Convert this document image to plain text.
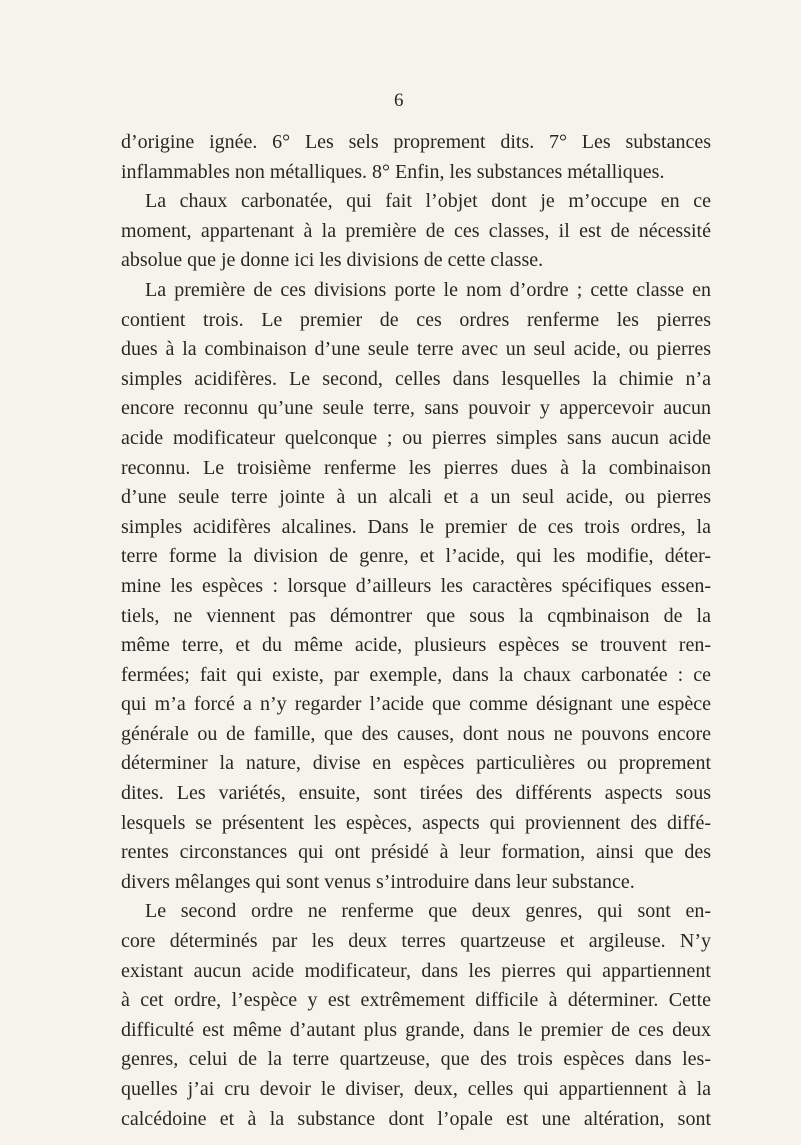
6
d’origine ignée. 6° Les sels proprement dits. 7° Les substances
inflammables non métalliques. 8° Enfin, les substances métalliques.
La chaux carbonatée, qui fait l’objet dont je m’occupe en ce
moment, appartenant à la première de ces classes, il est de nécessité
absolue que je donne ici les divisions de cette classe.
La première de ces divisions porte le nom d’ordre ; cette classe en
contient trois. Le premier de ces ordres renferme les pierres
dues à la combinaison d’une seule terre avec un seul acide, ou pierres
simples acidifères. Le second, celles dans lesquelles la chimie n’a
encore reconnu qu’une seule terre, sans pouvoir y appercevoir aucun
acide modificateur quelconque ; ou pierres simples sans aucun acide
reconnu. Le troisième renferme les pierres dues à la combinaison
d’une seule terre jointe à un alcali et a un seul acide, ou pierres
simples acidifères alcalines. Dans le premier de ces trois ordres, la
terre forme la division de genre, et l’acide, qui les modifie, déter-
mine les espèces : lorsque d’ailleurs les caractères spécifiques essen-
tiels, ne viennent pas démontrer que sous la cqmbinaison de la
même terre, et du même acide, plusieurs espèces se trouvent ren-
fermées; fait qui existe, par exemple, dans la chaux carbonatée : ce
qui m’a forcé a n’y regarder l’acide que comme désignant une espèce
générale ou de famille, que des causes, dont nous ne pouvons encore
déterminer la nature, divise en espèces particulières ou proprement
dites. Les variétés, ensuite, sont tirées des différents aspects sous
lesquels se présentent les espèces, aspects qui proviennent des diffé-
rentes circonstances qui ont présidé à leur formation, ainsi que des
divers mêlanges qui sont venus s’introduire dans leur substance.
Le second ordre ne renferme que deux genres, qui sont en-
core déterminés par les deux terres quartzeuse et argileuse. N’y
existant aucun acide modificateur, dans les pierres qui appartiennent
à cet ordre, l’espèce y est extrêmement difficile à déterminer. Cette
difficulté est même d’autant plus grande, dans le premier de ces deux
genres, celui de la terre quartzeuse, que des trois espèces dans les-
quelles j’ai cru devoir le diviser, deux, celles qui appartiennent à la
calcédoine et à la substance dont l’opale est une altération, sont
